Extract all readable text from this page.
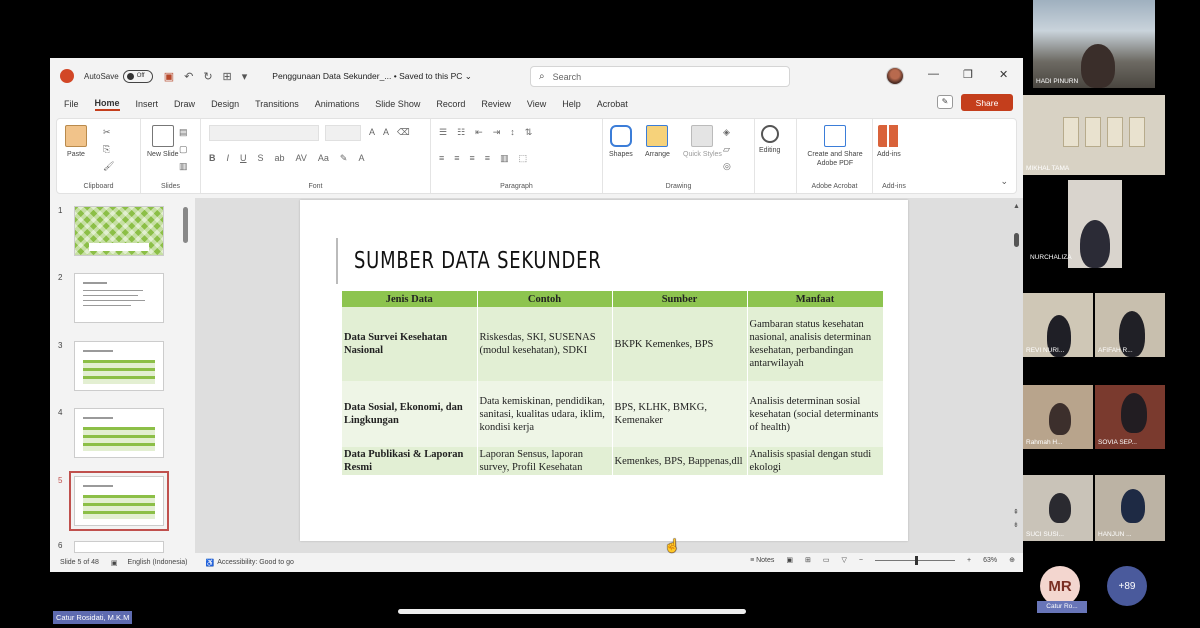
AutoSave	Off ▣ ↶ ↻ ⊞ ▾	Penggunaan Data Sekunder_... • Saved to this PC ⌄	⌕ Search	— ❐ ✕
File Home Insert Draw Design Transitions Animations Slide Show Record Review View Help Acrobat	✎	Share
Paste
✂
⎘
🖌
Clipboard
New Slide
▤
▢
▥
Slides
A A ⌫
B I U S ab AV Aa ✎ A
Font
☰ ☷ ⇤ ⇥ ↕ ⇅
≡ ≡ ≡ ≡ ▥ ⬚
Paragraph
Shapes Arrange Quick Styles
◈
▱
◎
Drawing
Editing
Create and Share Adobe PDF
Adobe Acrobat
Add-ins
Add-ins
⌄
1
2
3
4
5
6
SUMBER DATA SEKUNDER
Jenis Data	Contoh	Sumber	Manfaat
Data Survei Kesehatan Nasional	Riskesdas, SKI, SUSENAS (modul kesehatan), SDKI	BKPK Kemenkes, BPS	Gambaran status kesehatan nasional, analisis determinan kesehatan, perbandingan antarwilayah
Data Sosial, Ekonomi, dan Lingkungan	Data kemiskinan, pendidikan, sanitasi, kualitas udara, iklim, kondisi kerja	BPS, KLHK, BMKG, Kemenaker	Analisis determinan sosial kesehatan (social determinants of health)
Data Publikasi & Laporan Resmi	Laporan Sensus, laporan survey, Profil Kesehatan	Kemenkes, BPS, Bappenas,dll	Analisis spasial dengan studi ekologi
▲
⇞
⇟
Slide 5 of 48 ▣ English (Indonesia)	♿ Accessibility: Good to go	≡ Notes ▣ ⊞ ▭ ▽ −	+ 63% ⊕
☝
HADI PINURN
MIKHAL TAMA
NURCHALIZA
REVI NURI...	AFIFAH R...
Rahmah H...	SOVIA SEP...
SUCI SUSI...	HANJUN ...
MR
Catur Ro...
+89
Catur Rosidati, M.K.M
